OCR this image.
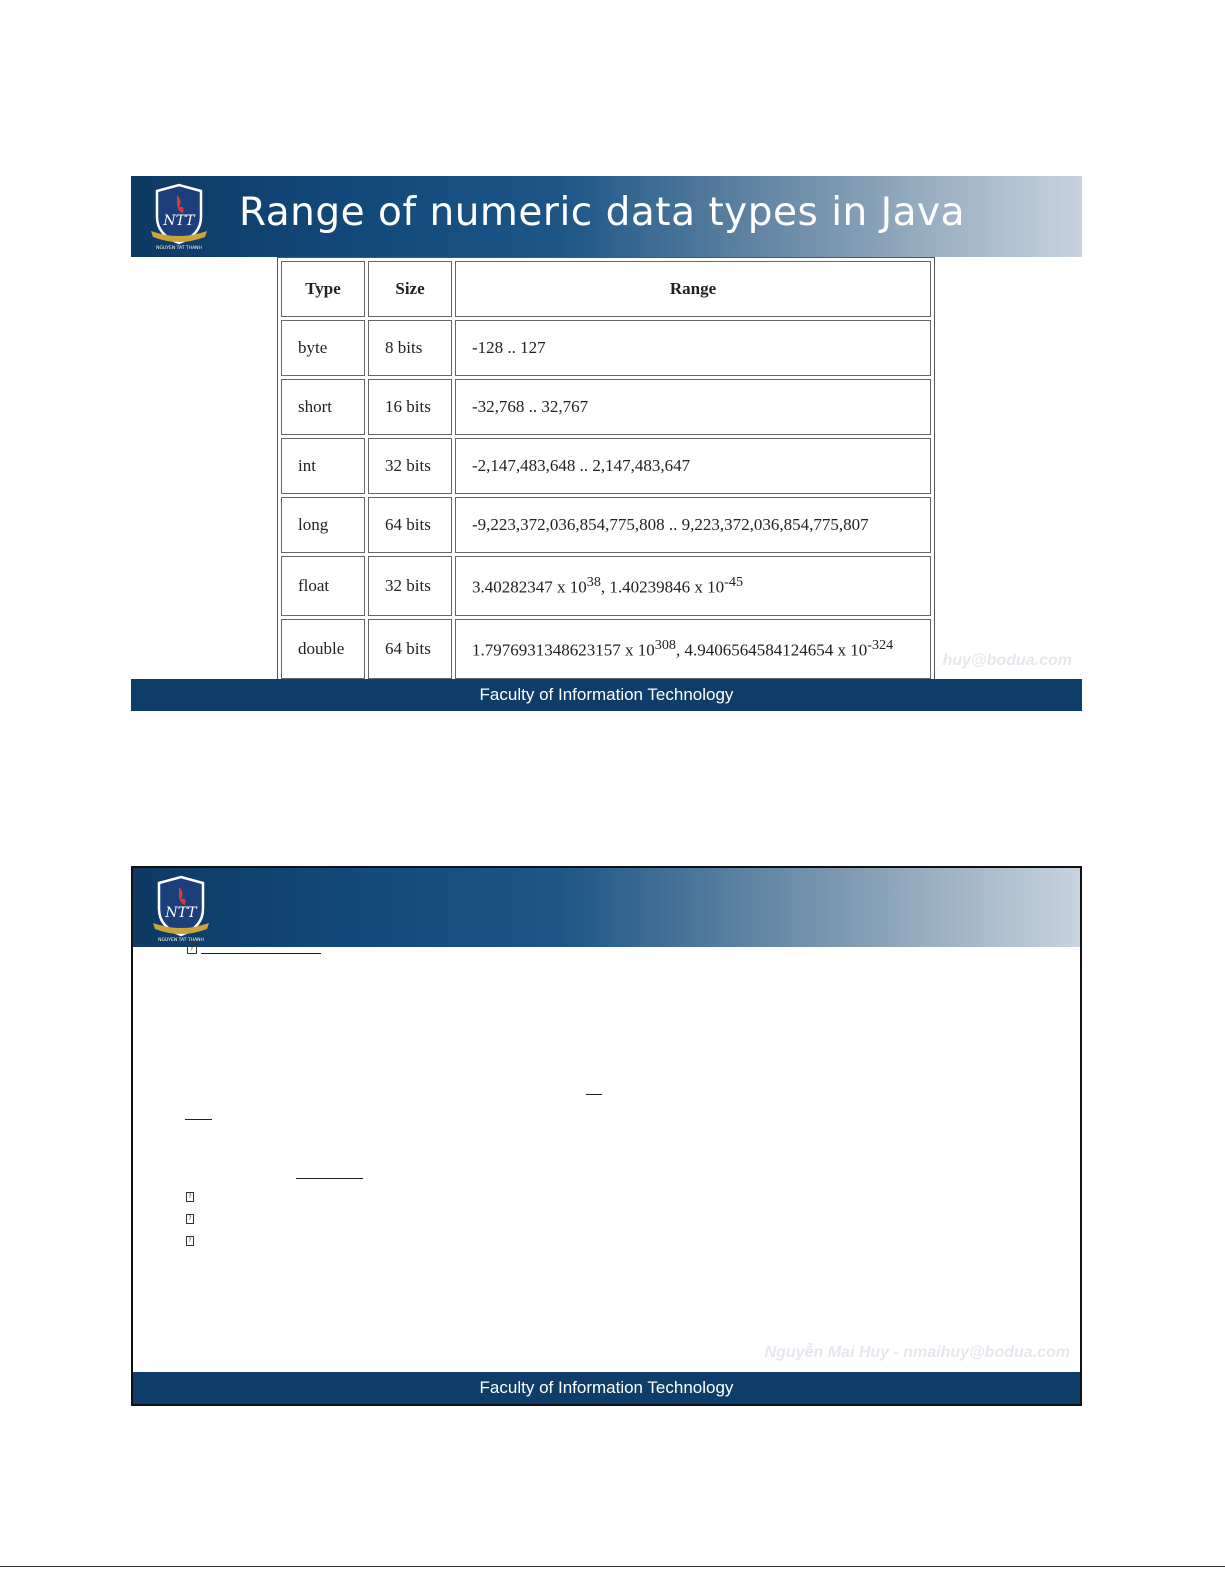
NTT
NGUYEN TAT THANH
Range of numeric data types in Java
Type	Size	Range
byte	8 bits	-128 .. 127
short	16 bits	-32,768 .. 32,767
int	32 bits	-2,147,483,648 .. 2,147,483,647
long	64 bits	-9,223,372,036,854,775,808 .. 9,223,372,036,854,775,807
float	32 bits	3.40282347 x $10^{38}$, 1.40239846 x $10^{-45}$
double	64 bits	1.7976931348623157 x $10^{308}$, 4.9406564584124654 x $10^{-324}$
huy@bodua.com
Faculty of Information Technology
NTT
NGUYEN TAT THANH
?
?
?
?
Nguyễn Mai Huy - nmaihuy@bodua.com
Faculty of Information Technology
